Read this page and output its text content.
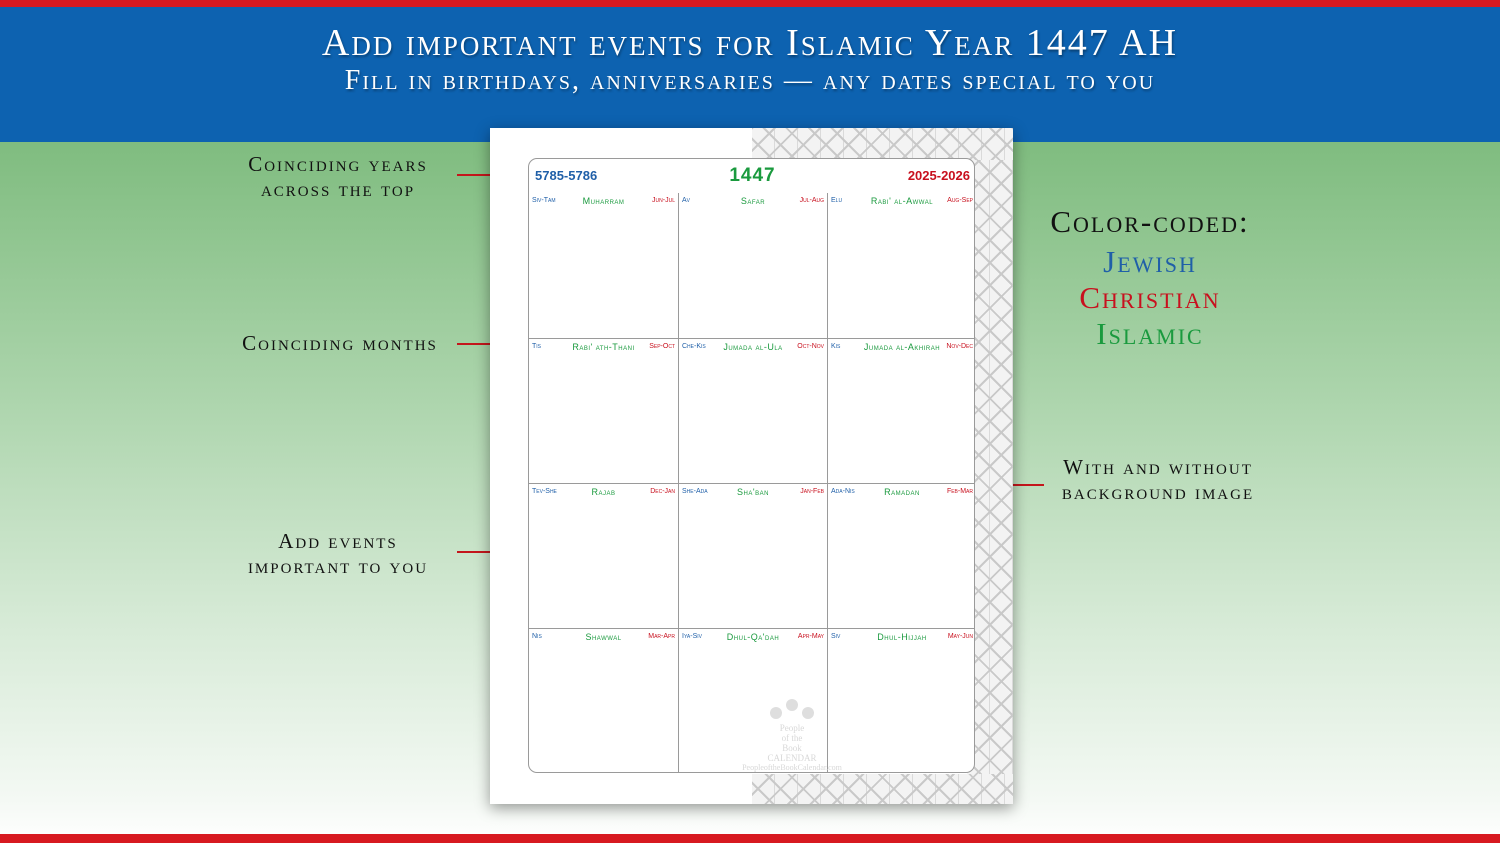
Add important events for Islamic Year 1447 AH
Fill in birthdays, anniversaries — any dates special to you
Coinciding years
across the top
Coinciding months
Add events
important to you
With and without
background image
Color-coded:
Jewish
Christian
Islamic
5785-5786	1447	2025-2026
Siv-Tam	Muharram	Jun-Jul Av	Safar	Jul-Aug Elu	Rabi' al-Awwal	Aug-Sep
Tis	Rabi' ath-Thani	Sep-Oct Che-Kis	Jumada al-Ula	Oct-Nov Kis	Jumada al-Akhirah Nov-Dec
Tev-She	Rajab	Dec-Jan She-Ada	Sha'ban	Jan-Feb Ada-Nis	Ramadan	Feb-Mar
Nis	Shawwal	Mar-Apr Iya-Siv	Dhul-Qa'dah	Apr-May Siv	Dhul-Hijjah	May-Jun
People
of the
Book
CALENDAR
PeopleoftheBookCalendar.com
